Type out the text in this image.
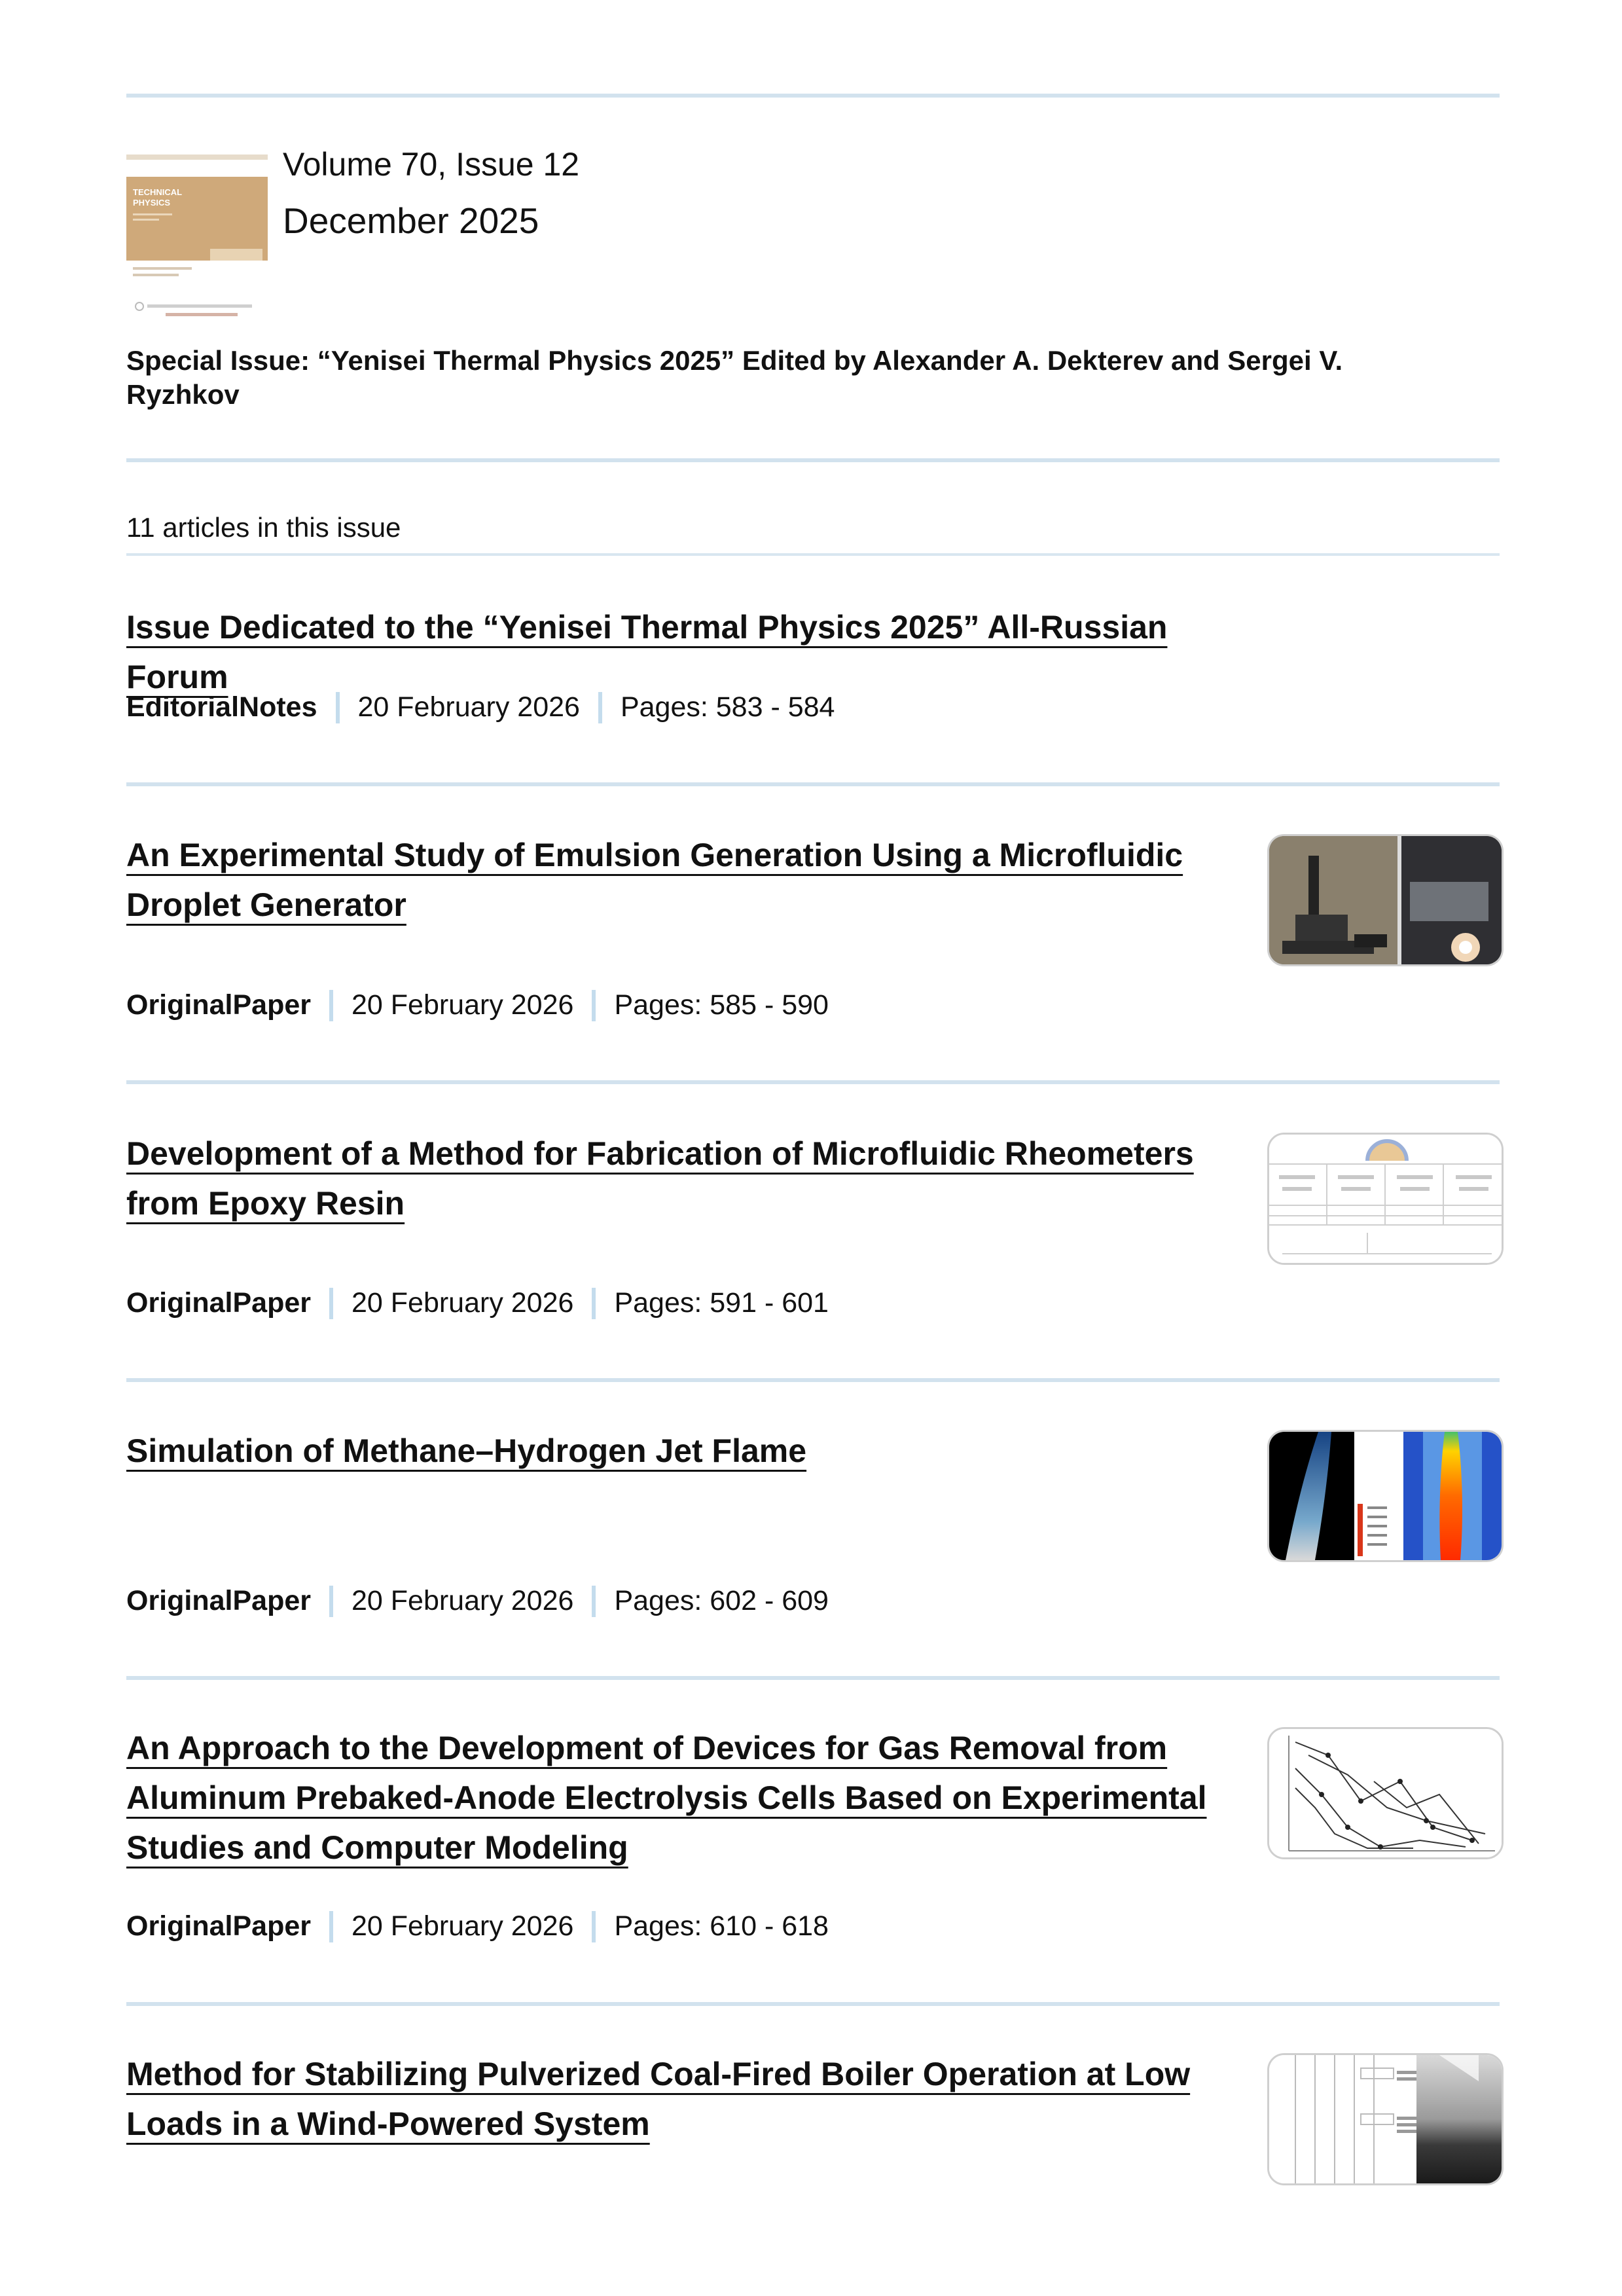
TECHNICAL
PHYSICS
Volume 70, Issue 12
December 2025
Special Issue: “Yenisei Thermal Physics 2025” Edited by Alexander A. Dekterev and Sergei V. Ryzhkov
11 articles in this issue
Issue Dedicated to the “Yenisei Thermal Physics 2025” All-Russian Forum
EditorialNotes 20 February 2026 Pages: 583 - 584
An Experimental Study of Emulsion Generation Using a Microfluidic Droplet Generator
OriginalPaper 20 February 2026 Pages: 585 - 590
Development of a Method for Fabrication of Microfluidic Rheometers from Epoxy Resin
OriginalPaper 20 February 2026 Pages: 591 - 601
Simulation of Methane–Hydrogen Jet Flame
OriginalPaper 20 February 2026 Pages: 602 - 609
An Approach to the Development of Devices for Gas Removal from Aluminum Prebaked-Anode Electrolysis Cells Based on Experimental Studies and Computer Modeling
OriginalPaper 20 February 2026 Pages: 610 - 618
Method for Stabilizing Pulverized Coal-Fired Boiler Operation at Low Loads in a Wind-Powered System
